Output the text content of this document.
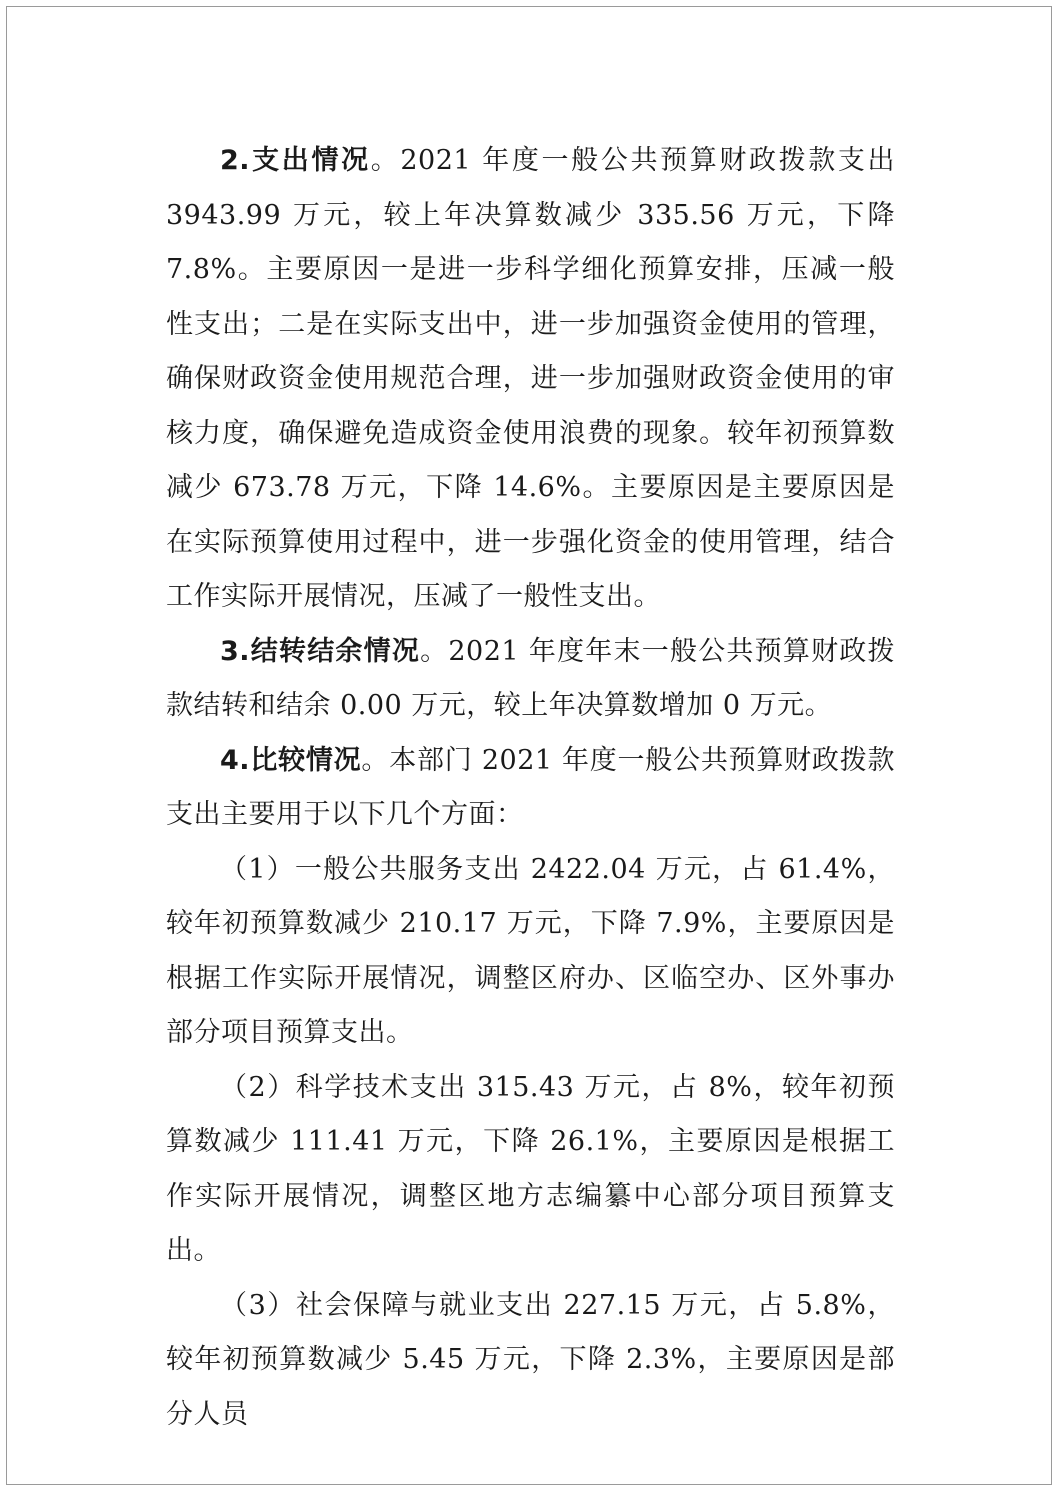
2.支出情况。2021 年度一般公共预算财政拨款支出 3943.99 万元，较上年决算数减少 335.56 万元，下降 7.8%。主要原因一是进一步科学细化预算安排，压减一般性支出；二是在实际支出中，进一步加强资金使用的管理，确保财政资金使用规范合理，进一步加强财政资金使用的审核力度，确保避免造成资金使用浪费的现象。较年初预算数减少 673.78 万元，下降 14.6%。主要原因是主要原因是在实际预算使用过程中，进一步强化资金的使用管理，结合工作实际开展情况，压减了一般性支出。

3.结转结余情况。2021 年度年末一般公共预算财政拨款结转和结余 0.00 万元，较上年决算数增加 0 万元。

4.比较情况。本部门 2021 年度一般公共预算财政拨款支出主要用于以下几个方面：

（1）一般公共服务支出 2422.04 万元，占 61.4%，较年初预算数减少 210.17 万元，下降 7.9%，主要原因是根据工作实际开展情况，调整区府办、区临空办、区外事办部分项目预算支出。

（2）科学技术支出 315.43 万元，占 8%，较年初预算数减少 111.41 万元，下降 26.1%，主要原因是根据工作实际开展情况，调整区地方志编纂中心部分项目预算支出。

（3）社会保障与就业支出 227.15 万元，占 5.8%，较年初预算数减少 5.45 万元，下降 2.3%，主要原因是部分人员
